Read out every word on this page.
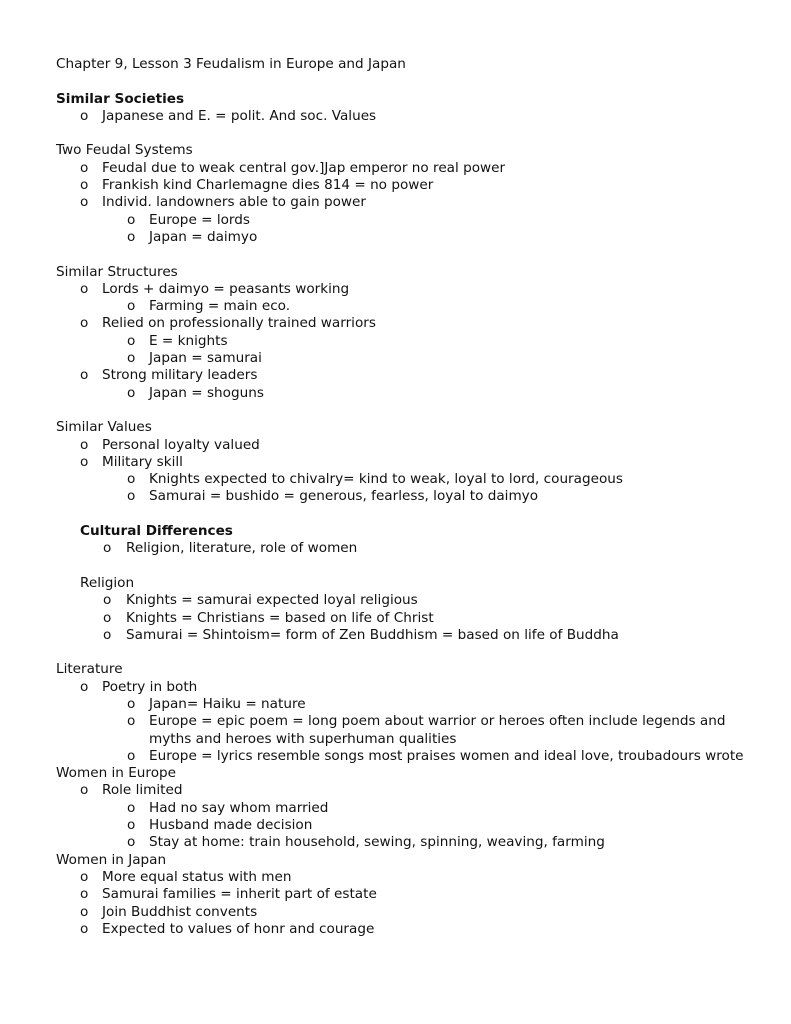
Chapter 9, Lesson 3 Feudalism in Europe and Japan
Similar Societies
o Japanese and E. = polit. And soc. Values
Two Feudal Systems
o Feudal due to weak central gov.]Jap emperor no real power
o Frankish kind Charlemagne dies 814 = no power
o Individ. landowners able to gain power
o Europe = lords
o Japan = daimyo
Similar Structures
o Lords + daimyo = peasants working
o Farming = main eco.
o Relied on professionally trained warriors
o E = knights
o Japan = samurai
o Strong military leaders
o Japan = shoguns
Similar Values
o Personal loyalty valued
o Military skill
o Knights expected to chivalry= kind to weak, loyal to lord, courageous
o Samurai = bushido = generous, fearless, loyal to daimyo
Cultural Differences
o Religion, literature, role of women
Religion
o Knights = samurai expected loyal religious
o Knights = Christians = based on life of Christ
o Samurai = Shintoism= form of Zen Buddhism = based on life of Buddha
Literature
o Poetry in both
o Japan= Haiku = nature
o Europe = epic poem = long poem about warrior or heroes often include legends and myths and heroes with superhuman qualities
o Europe = lyrics resemble songs most praises women and ideal love, troubadours wrote
Women in Europe
o Role limited
o Had no say whom married
o Husband made decision
o Stay at home: train household, sewing, spinning, weaving, farming
Women in Japan
o More equal status with men
o Samurai families = inherit part of estate
o Join Buddhist convents
o Expected to values of honr and courage
